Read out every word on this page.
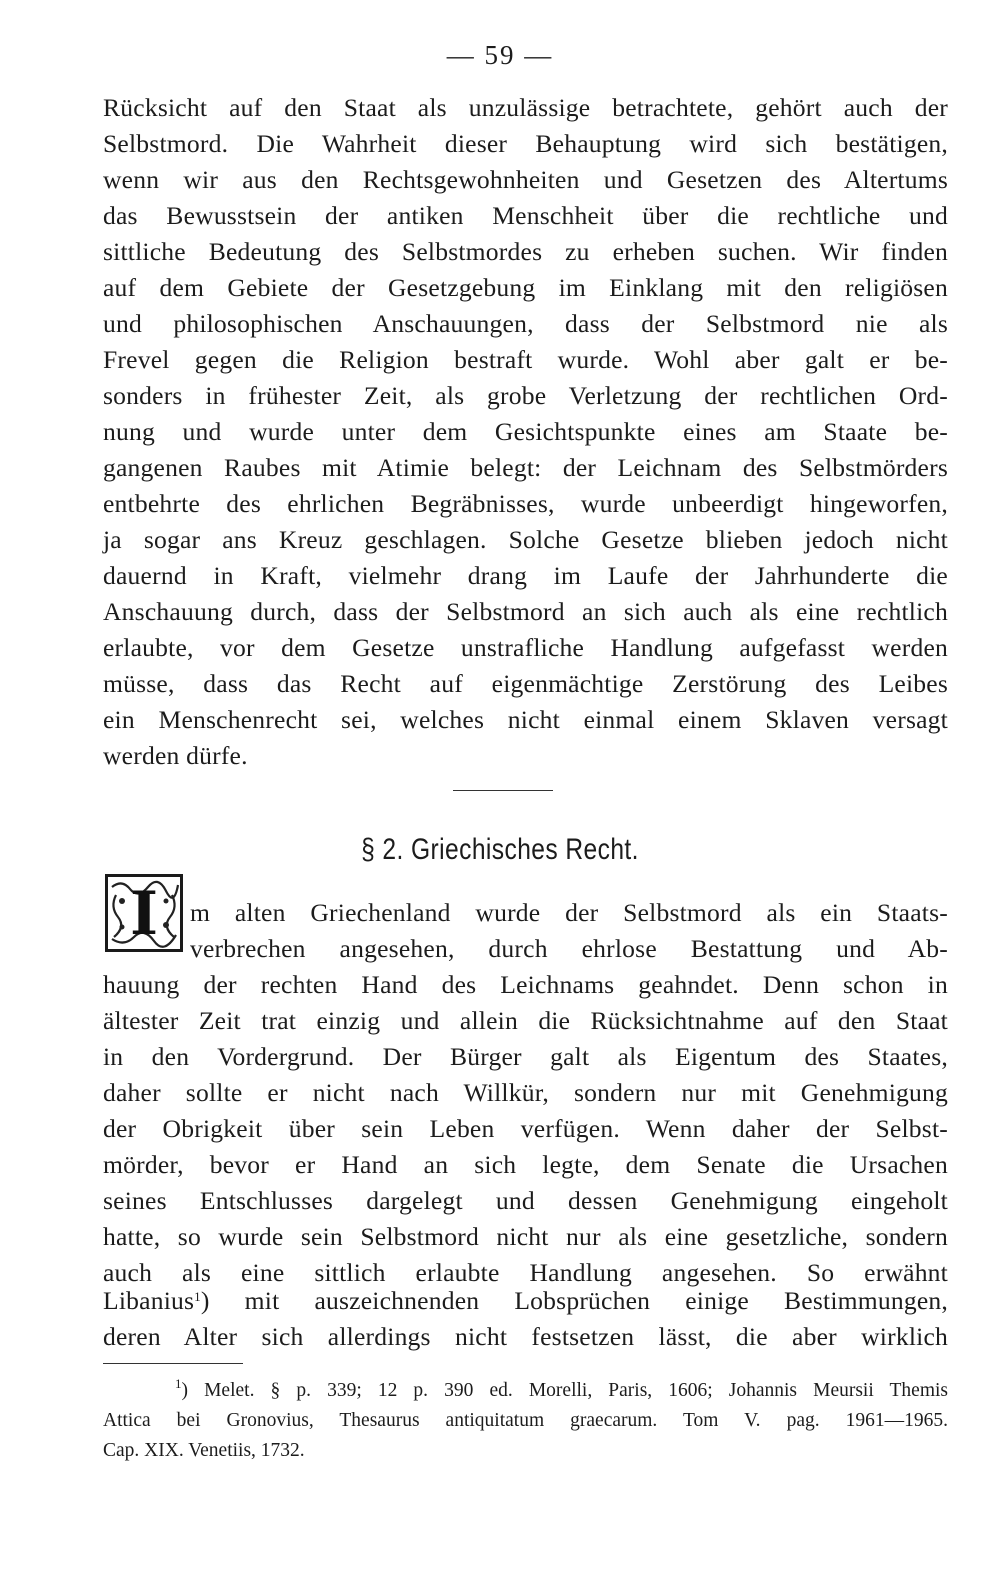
— 59 —
Rücksicht auf den Staat als unzulässige betrachtete, gehört auch der
Selbstmord. Die Wahrheit dieser Behauptung wird sich bestätigen,
wenn wir aus den Rechtsgewohnheiten und Gesetzen des Altertums
das Bewusstsein der antiken Menschheit über die rechtliche und
sittliche Bedeutung des Selbstmordes zu erheben suchen. Wir finden
auf dem Gebiete der Gesetzgebung im Einklang mit den religiösen
und philosophischen Anschauungen, dass der Selbstmord nie als
Frevel gegen die Religion bestraft wurde. Wohl aber galt er be-
sonders in frühester Zeit, als grobe Verletzung der rechtlichen Ord-
nung und wurde unter dem Gesichtspunkte eines am Staate be-
gangenen Raubes mit Atimie belegt: der Leichnam des Selbstmörders
entbehrte des ehrlichen Begräbnisses, wurde unbeerdigt hingeworfen,
ja sogar ans Kreuz geschlagen. Solche Gesetze blieben jedoch nicht
dauernd in Kraft, vielmehr drang im Laufe der Jahrhunderte die
Anschauung durch, dass der Selbstmord an sich auch als eine rechtlich
erlaubte, vor dem Gesetze unstrafliche Handlung aufgefasst werden
müsse, dass das Recht auf eigenmächtige Zerstörung des Leibes
ein Menschenrecht sei, welches nicht einmal einem Sklaven versagt
werden dürfe.
§ 2. Griechisches Recht.
I	m alten Griechenland wurde der Selbstmord als ein Staats-
verbrechen angesehen, durch ehrlose Bestattung und Ab-
hauung der rechten Hand des Leichnams geahndet. Denn schon in
ältester Zeit trat einzig und allein die Rücksichtnahme auf den Staat
in den Vordergrund. Der Bürger galt als Eigentum des Staates,
daher sollte er nicht nach Willkür, sondern nur mit Genehmigung
der Obrigkeit über sein Leben verfügen. Wenn daher der Selbst-
mörder, bevor er Hand an sich legte, dem Senate die Ursachen
seines Entschlusses dargelegt und dessen Genehmigung eingeholt
hatte, so wurde sein Selbstmord nicht nur als eine gesetzliche, sondern
auch als eine sittlich erlaubte Handlung angesehen. So erwähnt
Libanius$^1$) mit auszeichnenden Lobsprüchen einige Bestimmungen,
deren Alter sich allerdings nicht festsetzen lässt, die aber wirklich
$^1$) Melet. § p. 339; 12 p. 390 ed. Morelli, Paris, 1606; Johannis Meursii Themis
Attica bei Gronovius, Thesaurus antiquitatum graecarum. Tom V. pag. 1961—1965.
Cap. XIX. Venetiis, 1732.
